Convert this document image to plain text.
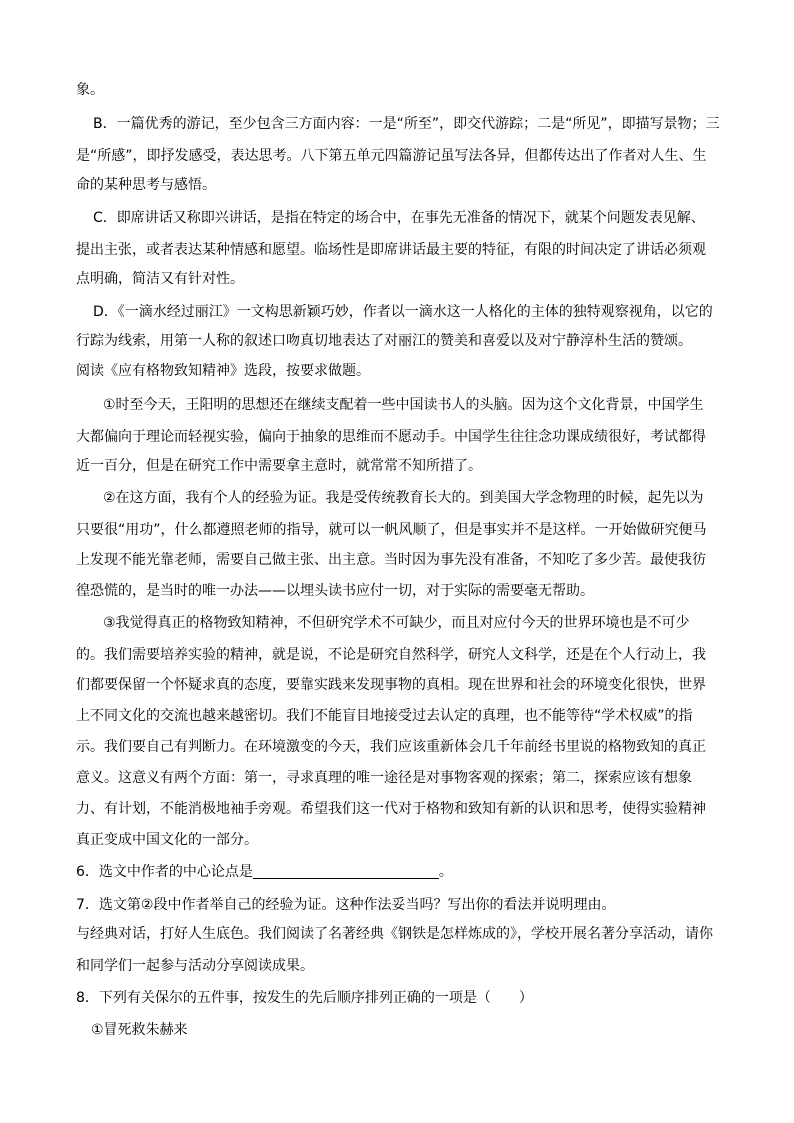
象。
B．一篇优秀的游记，至少包含三方面内容：一是“所至”，即交代游踪；二是“所见”，即描写景物；三
是“所感”，即抒发感受，表达思考。八下第五单元四篇游记虽写法各异，但都传达出了作者对人生、生
命的某种思考与感悟。
C．即席讲话又称即兴讲话，是指在特定的场合中，在事先无准备的情况下，就某个问题发表见解、
提出主张，或者表达某种情感和愿望。临场性是即席讲话最主要的特征，有限的时间决定了讲话必须观
点明确，简洁又有针对性。
D．《一滴水经过丽江》一文构思新颖巧妙，作者以一滴水这一人格化的主体的独特观察视角，以它的
行踪为线索，用第一人称的叙述口吻真切地表达了对丽江的赞美和喜爱以及对宁静淳朴生活的赞颂。
阅读《应有格物致知精神》选段，按要求做题。
①时至今天，王阳明的思想还在继续支配着一些中国读书人的头脑。因为这个文化背景，中国学生
大都偏向于理论而轻视实验，偏向于抽象的思维而不愿动手。中国学生往往念功课成绩很好，考试都得
近一百分，但是在研究工作中需要拿主意时，就常常不知所措了。
②在这方面，我有个人的经验为证。我是受传统教育长大的。到美国大学念物理的时候，起先以为
只要很“用功”，什么都遵照老师的指导，就可以一帆风顺了，但是事实并不是这样。一开始做研究便马
上发现不能光靠老师，需要自己做主张、出主意。当时因为事先没有准备，不知吃了多少苦。最使我彷
徨恐慌的，是当时的唯一办法——以埋头读书应付一切，对于实际的需要毫无帮助。
③我觉得真正的格物致知精神，不但研究学术不可缺少，而且对应付今天的世界环境也是不可少
的。我们需要培养实验的精神，就是说，不论是研究自然科学，研究人文科学，还是在个人行动上，我
们都要保留一个怀疑求真的态度，要靠实践来发现事物的真相。现在世界和社会的环境变化很快，世界
上不同文化的交流也越来越密切。我们不能盲目地接受过去认定的真理，也不能等待“学术权威”的指
示。我们要自己有判断力。在环境激变的今天，我们应该重新体会几千年前经书里说的格物致知的真正
意义。这意义有两个方面：第一，寻求真理的唯一途径是对事物客观的探索；第二，探索应该有想象
力、有计划，不能消极地袖手旁观。希望我们这一代对于格物和致知有新的认识和思考，使得实验精神
真正变成中国文化的一部分。
6．选文中作者的中心论点是	。
7．选文第②段中作者举自己的经验为证。这种作法妥当吗？写出你的看法并说明理由。
与经典对话，打好人生底色。我们阅读了名著经典《钢铁是怎样炼成的》，学校开展名著分享活动，请你
和同学们一起参与活动分享阅读成果。
8．下列有关保尔的五件事，按发生的先后顺序排列正确的一项是（　　）
①冒死救朱赫来
